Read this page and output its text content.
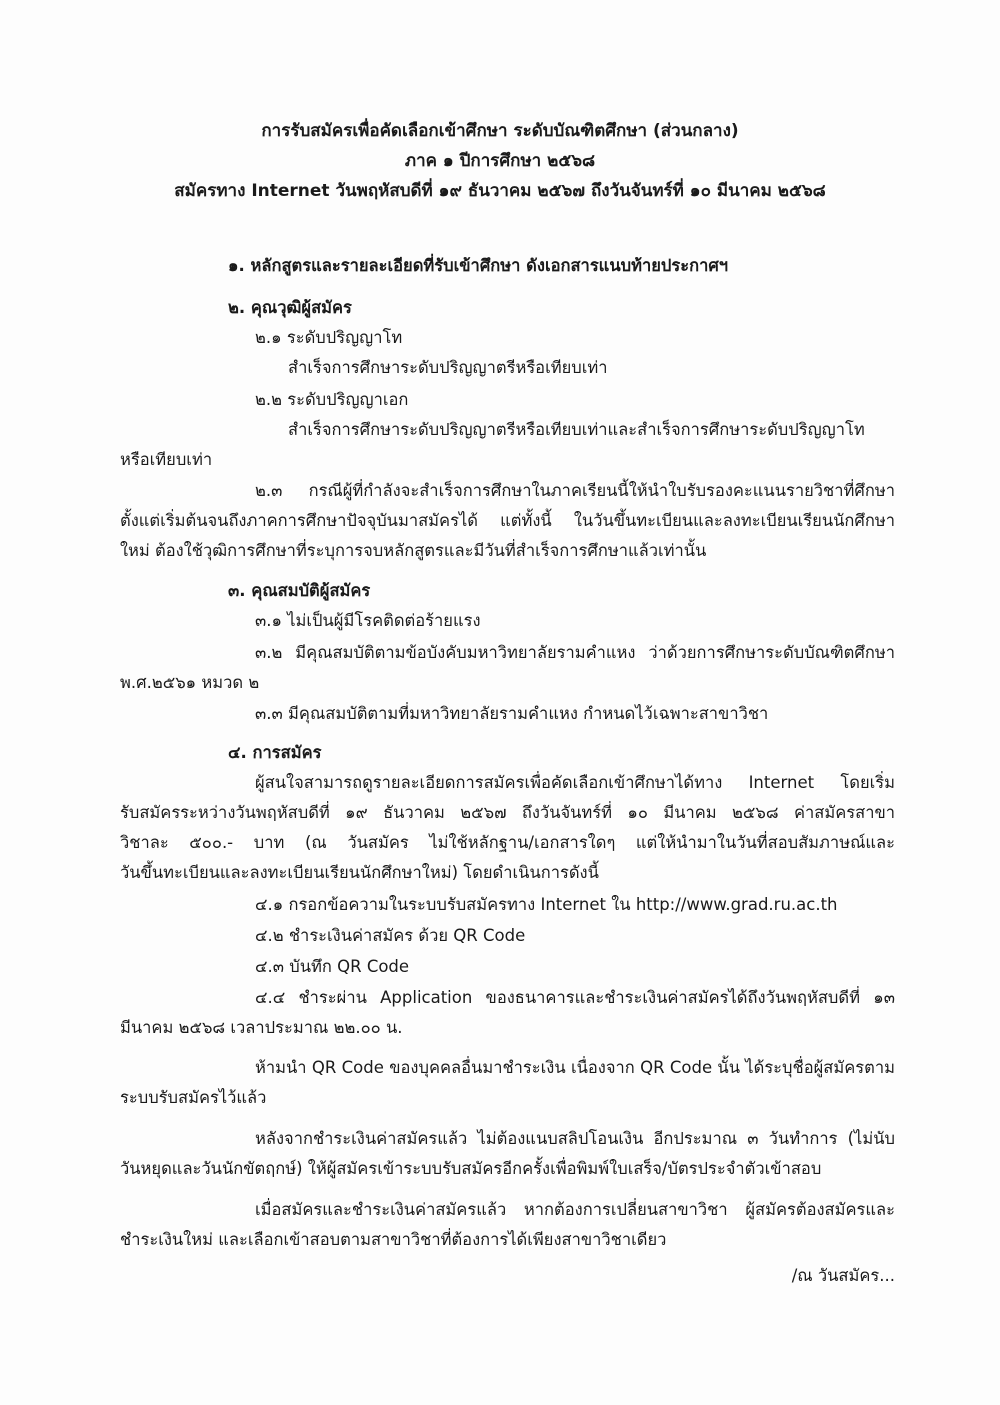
การรับสมัครเพื่อคัดเลือกเข้าศึกษา ระดับบัณฑิตศึกษา (ส่วนกลาง)
ภาค ๑ ปีการศึกษา ๒๕๖๘
สมัครทาง Internet วันพฤหัสบดีที่ ๑๙ ธันวาคม ๒๕๖๗ ถึงวันจันทร์ที่ ๑๐ มีนาคม ๒๕๖๘
๑. หลักสูตรและรายละเอียดที่รับเข้าศึกษา ดังเอกสารแนบท้ายประกาศฯ
๒. คุณวุฒิผู้สมัคร
๒.๑ ระดับปริญญาโท
สำเร็จการศึกษาระดับปริญญาตรีหรือเทียบเท่า
๒.๒ ระดับปริญญาเอก
สำเร็จการศึกษาระดับปริญญาตรีหรือเทียบเท่าและสำเร็จการศึกษาระดับปริญญาโท
หรือเทียบเท่า
๒.๓ กรณีผู้ที่กำลังจะสำเร็จการศึกษาในภาคเรียนนี้ให้นำใบรับรองคะแนนรายวิชาที่ศึกษา
ตั้งแต่เริ่มต้นจนถึงภาคการศึกษาปัจจุบันมาสมัครได้ แต่ทั้งนี้ ในวันขึ้นทะเบียนและลงทะเบียนเรียนนักศึกษา
ใหม่ ต้องใช้วุฒิการศึกษาที่ระบุการจบหลักสูตรและมีวันที่สำเร็จการศึกษาแล้วเท่านั้น
๓. คุณสมบัติผู้สมัคร
๓.๑ ไม่เป็นผู้มีโรคติดต่อร้ายแรง
๓.๒ มีคุณสมบัติตามข้อบังคับมหาวิทยาลัยรามคำแหง ว่าด้วยการศึกษาระดับบัณฑิตศึกษา
พ.ศ.๒๕๖๑ หมวด ๒
๓.๓ มีคุณสมบัติตามที่มหาวิทยาลัยรามคำแหง กำหนดไว้เฉพาะสาขาวิชา
๔. การสมัคร
ผู้สนใจสามารถดูรายละเอียดการสมัครเพื่อคัดเลือกเข้าศึกษาได้ทาง Internet โดยเริ่ม
รับสมัครระหว่างวันพฤหัสบดีที่ ๑๙ ธันวาคม ๒๕๖๗ ถึงวันจันทร์ที่ ๑๐ มีนาคม ๒๕๖๘ ค่าสมัครสาขา
วิชาละ ๕๐๐.- บาท (ณ วันสมัคร ไม่ใช้หลักฐาน/เอกสารใดๆ แต่ให้นำมาในวันที่สอบสัมภาษณ์และ
วันขึ้นทะเบียนและลงทะเบียนเรียนนักศึกษาใหม่) โดยดำเนินการดังนี้
๔.๑ กรอกข้อความในระบบรับสมัครทาง Internet ใน http://www.grad.ru.ac.th
๔.๒ ชำระเงินค่าสมัคร ด้วย QR Code
๔.๓ บันทึก QR Code
๔.๔ ชำระผ่าน Application ของธนาคารและชำระเงินค่าสมัครได้ถึงวันพฤหัสบดีที่ ๑๓
มีนาคม ๒๕๖๘ เวลาประมาณ ๒๒.๐๐ น.
ห้ามนำ QR Code ของบุคคลอื่นมาชำระเงิน เนื่องจาก QR Code นั้น ได้ระบุชื่อผู้สมัครตาม
ระบบรับสมัครไว้แล้ว
หลังจากชำระเงินค่าสมัครแล้ว ไม่ต้องแนบสลิปโอนเงิน อีกประมาณ ๓ วันทำการ (ไม่นับ
วันหยุดและวันนักขัตฤกษ์) ให้ผู้สมัครเข้าระบบรับสมัครอีกครั้งเพื่อพิมพ์ใบเสร็จ/บัตรประจำตัวเข้าสอบ
เมื่อสมัครและชำระเงินค่าสมัครแล้ว หากต้องการเปลี่ยนสาขาวิชา ผู้สมัครต้องสมัครและ
ชำระเงินใหม่ และเลือกเข้าสอบตามสาขาวิชาที่ต้องการได้เพียงสาขาวิชาเดียว
/ณ วันสมัคร...
